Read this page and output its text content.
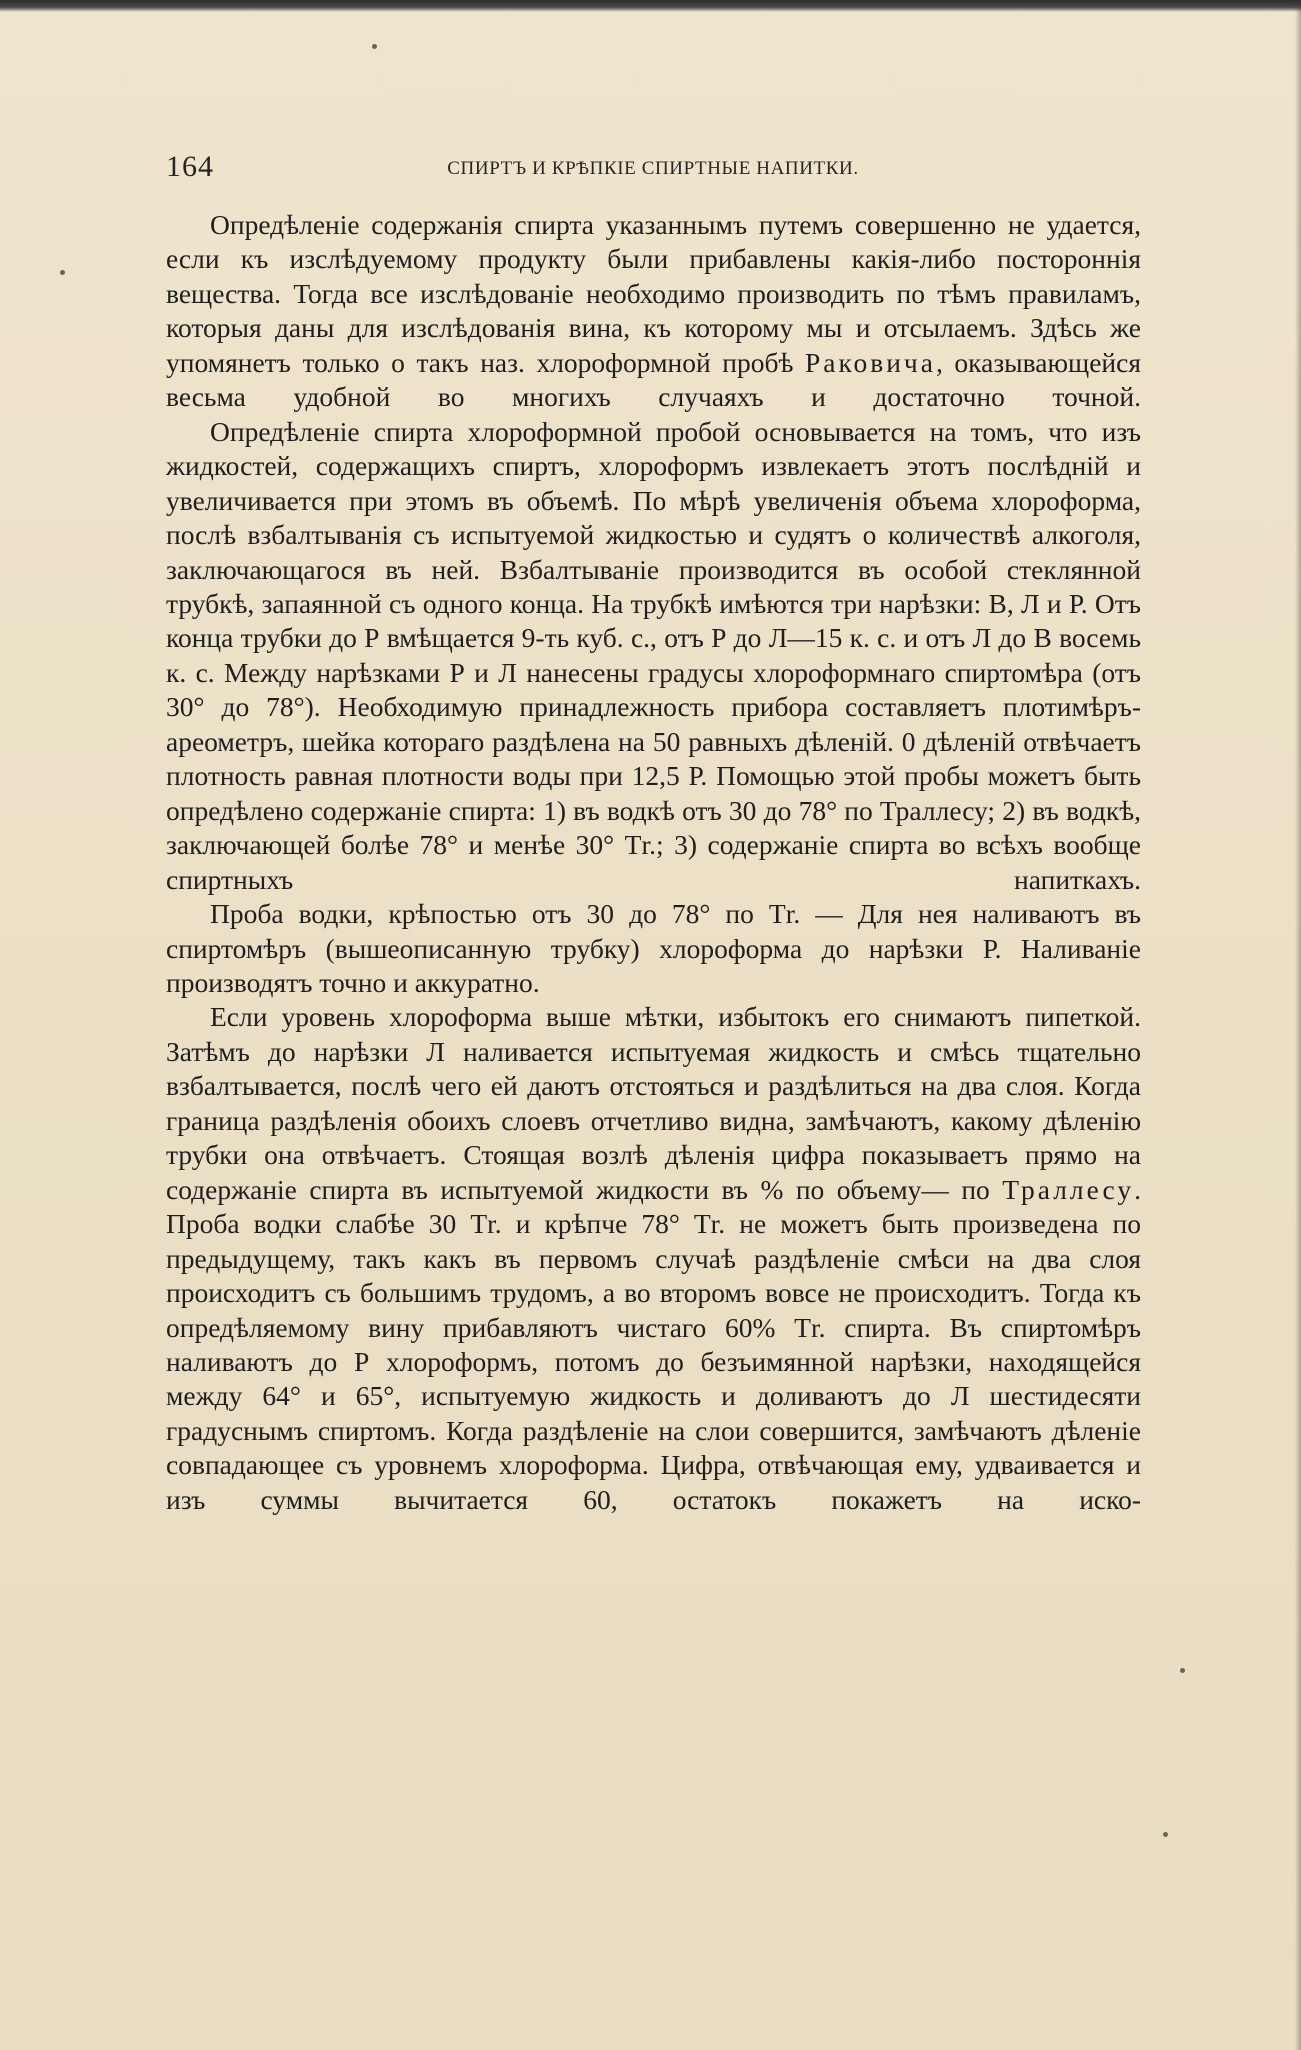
164	СПИРТЪ И КРѢПКІЕ СПИРТНЫЕ НАПИТКИ.

Опредѣленіе содержанія спирта указаннымъ путемъ совершенно не удается, если къ изслѣдуемому продукту были прибавлены какія-либо постороннія вещества. Тогда все изслѣдованіе необходимо производить по тѣмъ правиламъ, которыя даны для изслѣдованія вина, къ которому мы и отсылаемъ. Здѣсь же упомянетъ только о такъ наз. хлороформной пробѣ Раковича, оказывающейся весьма удобной во многихъ случаяхъ и достаточно точной.

Опредѣленіе спирта хлороформной пробой основывается на томъ, что изъ жидкостей, содержащихъ спиртъ, хлороформъ извлекаетъ этотъ послѣдній и увеличивается при этомъ въ объемѣ. По мѣрѣ увеличенія объема хлороформа, послѣ взбалтыванія съ испытуемой жидкостью и судятъ о количествѣ алкоголя, заключающагося въ ней. Взбалтываніе производится въ особой стеклянной трубкѣ, запаянной съ одного конца. На трубкѣ имѣются три нарѣзки: В, Л и Р. Отъ конца трубки до Р вмѣщается 9-ть куб. с., отъ Р до Л—15 к. с. и отъ Л до В восемь к. с. Между нарѣзками Р и Л нанесены градусы хлороформнаго спиртомѣра (отъ 30° до 78°). Необходимую принадлежность прибора составляетъ плотимѣръ-ареометръ, шейка котораго раздѣлена на 50 равныхъ дѣленій. 0 дѣленій отвѣчаетъ плотность равная плотности воды при 12,5 Р. Помощью этой пробы можетъ быть опредѣлено содержаніе спирта: 1) въ водкѣ отъ 30 до 78° по Траллесу; 2) въ водкѣ, заключающей болѣе 78° и менѣе 30° Тr.; 3) содержаніе спирта во всѣхъ вообще спиртныхъ напиткахъ.

Проба водки, крѣпостью отъ 30 до 78° по Тr. — Для нея наливаютъ въ спиртомѣръ (вышеописанную трубку) хлороформа до нарѣзки Р. Наливаніе производятъ точно и аккуратно.

Если уровень хлороформа выше мѣтки, избытокъ его снимаютъ пипеткой. Затѣмъ до нарѣзки Л наливается испытуемая жидкость и смѣсь тщательно взбалтывается, послѣ чего ей даютъ отстояться и раздѣлиться на два слоя. Когда граница раздѣленія обоихъ слоевъ отчетливо видна, замѣчаютъ, какому дѣленію трубки она отвѣчаетъ. Стоящая возлѣ дѣленія цифра показываетъ прямо на содержаніе спирта въ испытуемой жидкости въ % по объему— по Траллесу. Проба водки слабѣе 30 Тr. и крѣпче 78° Тr. не можетъ быть произведена по предыдущему, такъ какъ въ первомъ случаѣ раздѣленіе смѣси на два слоя происходитъ съ большимъ трудомъ, а во второмъ вовсе не происходитъ. Тогда къ опредѣляемому вину прибавляютъ чистаго 60% Тr. спирта. Въ спиртомѣръ наливаютъ до Р хлороформъ, потомъ до безъимянной нарѣзки, находящейся между 64° и 65°, испытуемую жидкость и доливаютъ до Л шестидесяти градуснымъ спиртомъ. Когда раздѣленіе на слои совершится, замѣчаютъ дѣленіе совпадающее съ уровнемъ хлороформа. Цифра, отвѣчающая ему, удваивается и изъ суммы вычитается 60, остатокъ покажетъ на иско-
